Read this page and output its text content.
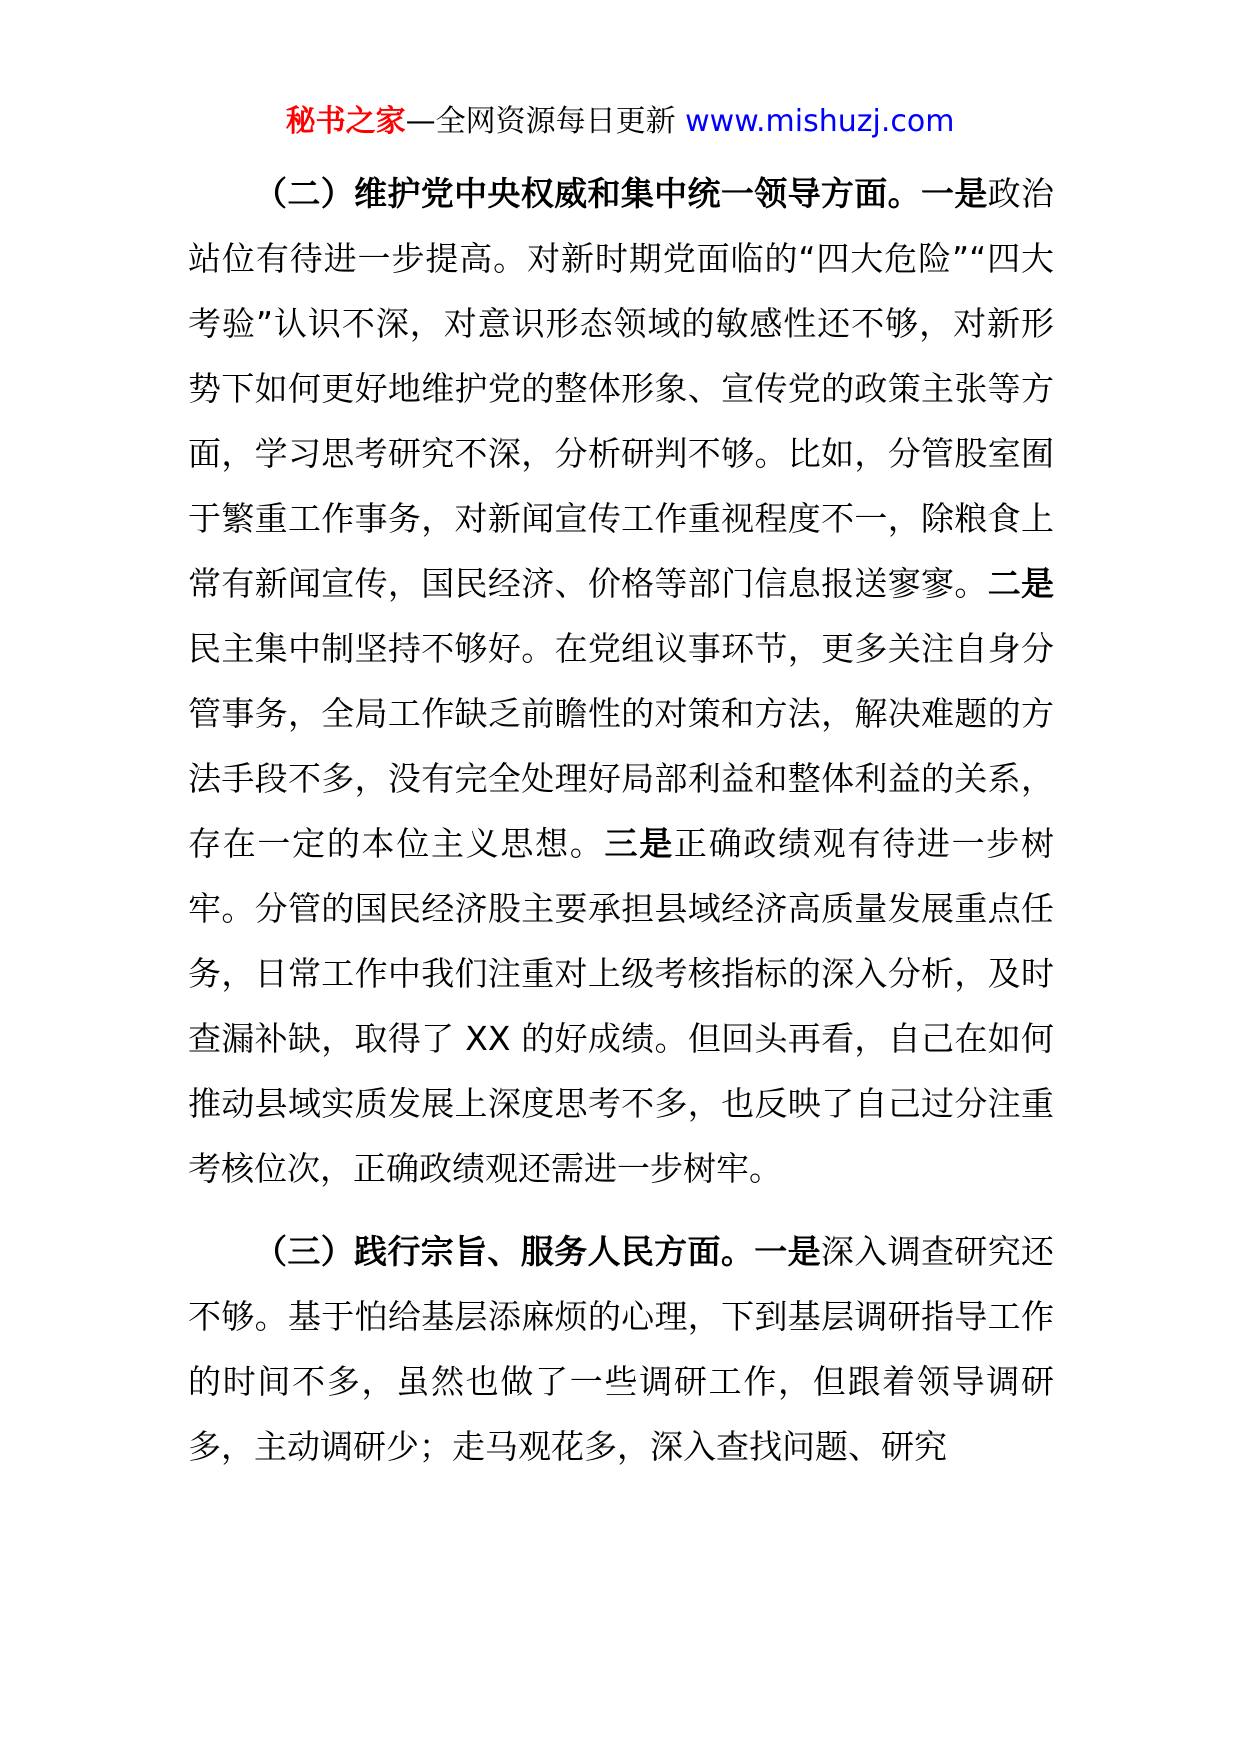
秘书之家—全网资源每日更新 www.mishuzj.com

（二）维护党中央权威和集中统一领导方面。一是政治站位有待进一步提高。对新时期党面临的“四大危险”“四大考验”认识不深，对意识形态领域的敏感性还不够，对新形势下如何更好地维护党的整体形象、宣传党的政策主张等方面，学习思考研究不深，分析研判不够。比如，分管股室囿于繁重工作事务，对新闻宣传工作重视程度不一，除粮食上常有新闻宣传，国民经济、价格等部门信息报送寥寥。二是民主集中制坚持不够好。在党组议事环节，更多关注自身分管事务，全局工作缺乏前瞻性的对策和方法，解决难题的方法手段不多，没有完全处理好局部利益和整体利益的关系，存在一定的本位主义思想。三是正确政绩观有待进一步树牢。分管的国民经济股主要承担县域经济高质量发展重点任务，日常工作中我们注重对上级考核指标的深入分析，及时查漏补缺，取得了 XX 的好成绩。但回头再看，自己在如何推动县域实质发展上深度思考不多，也反映了自己过分注重考核位次，正确政绩观还需进一步树牢。

（三）践行宗旨、服务人民方面。一是深入调查研究还不够。基于怕给基层添麻烦的心理，下到基层调研指导工作的时间不多，虽然也做了一些调研工作，但跟着领导调研多，主动调研少；走马观花多，深入查找问题、研究
